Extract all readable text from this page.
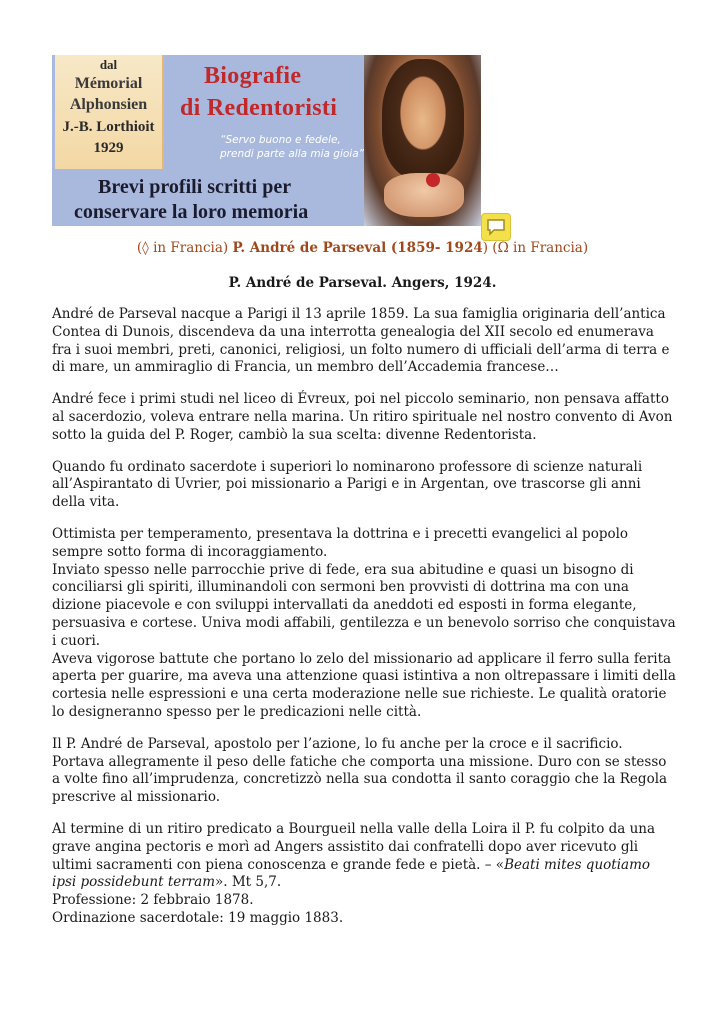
dal
Mémorial
Alphonsien
J.-B. Lorthioit
1929
Biografie
di Redentoristi
“Servo buono e fedele, prendi parte alla mia gioia”
Brevi profili scritti per
conservare la loro memoria
(◊ in Francia) P. André de Parseval (1859- 1924) (Ω in Francia)
P. André de Parseval. Angers, 1924.

André de Parseval nacque a Parigi il 13 aprile 1859. La sua famiglia originaria dell’antica Contea di Dunois, discendeva da una interrotta genealogia del XII secolo ed enumerava fra i suoi membri, preti, canonici, religiosi, un folto numero di ufficiali dell’arma di terra e di mare, un ammiraglio di Francia, un membro dell’Accademia francese…

André fece i primi studi nel liceo di Évreux, poi nel piccolo seminario, non pensava affatto al sacerdozio, voleva entrare nella marina. Un ritiro spirituale nel nostro convento di Avon sotto la guida del P. Roger, cambiò la sua scelta: divenne Redentorista.

Quando fu ordinato sacerdote i superiori lo nominarono professore di scienze naturali all’Aspirantato di Uvrier, poi missionario a Parigi e in Argentan, ove trascorse gli anni della vita.

Ottimista per temperamento, presentava la dottrina e i precetti evangelici al popolo sempre sotto forma di incoraggiamento.
Inviato spesso nelle parrocchie prive di fede, era sua abitudine e quasi un bisogno di conciliarsi gli spiriti, illuminandoli con sermoni ben provvisti di dottrina ma con una dizione piacevole e con sviluppi intervallati da aneddoti ed esposti in forma elegante, persuasiva e cortese. Univa modi affabili, gentilezza e un benevolo sorriso che conquistava i cuori.
Aveva vigorose battute che portano lo zelo del missionario ad applicare il ferro sulla ferita aperta per guarire, ma aveva una attenzione quasi istintiva a non oltrepassare i limiti della cortesia nelle espressioni e una certa moderazione nelle sue richieste. Le qualità oratorie lo designeranno spesso per le predicazioni nelle città.

Il P. André de Parseval, apostolo per l’azione, lo fu anche per la croce e il sacrificio. Portava allegramente il peso delle fatiche che comporta una missione. Duro con se stesso a volte fino all’imprudenza, concretizzò nella sua condotta il santo coraggio che la Regola prescrive al missionario.

Al termine di un ritiro predicato a Bourgueil nella valle della Loira il P. fu colpito da una grave angina pectoris e morì ad Angers assistito dai confratelli dopo aver ricevuto gli ultimi sacramenti con piena conoscenza e grande fede e pietà. – «Beati mites quotiamo ipsi possidebunt terram». Mt 5,7.
Professione: 2 febbraio 1878.
Ordinazione sacerdotale: 19 maggio 1883.
